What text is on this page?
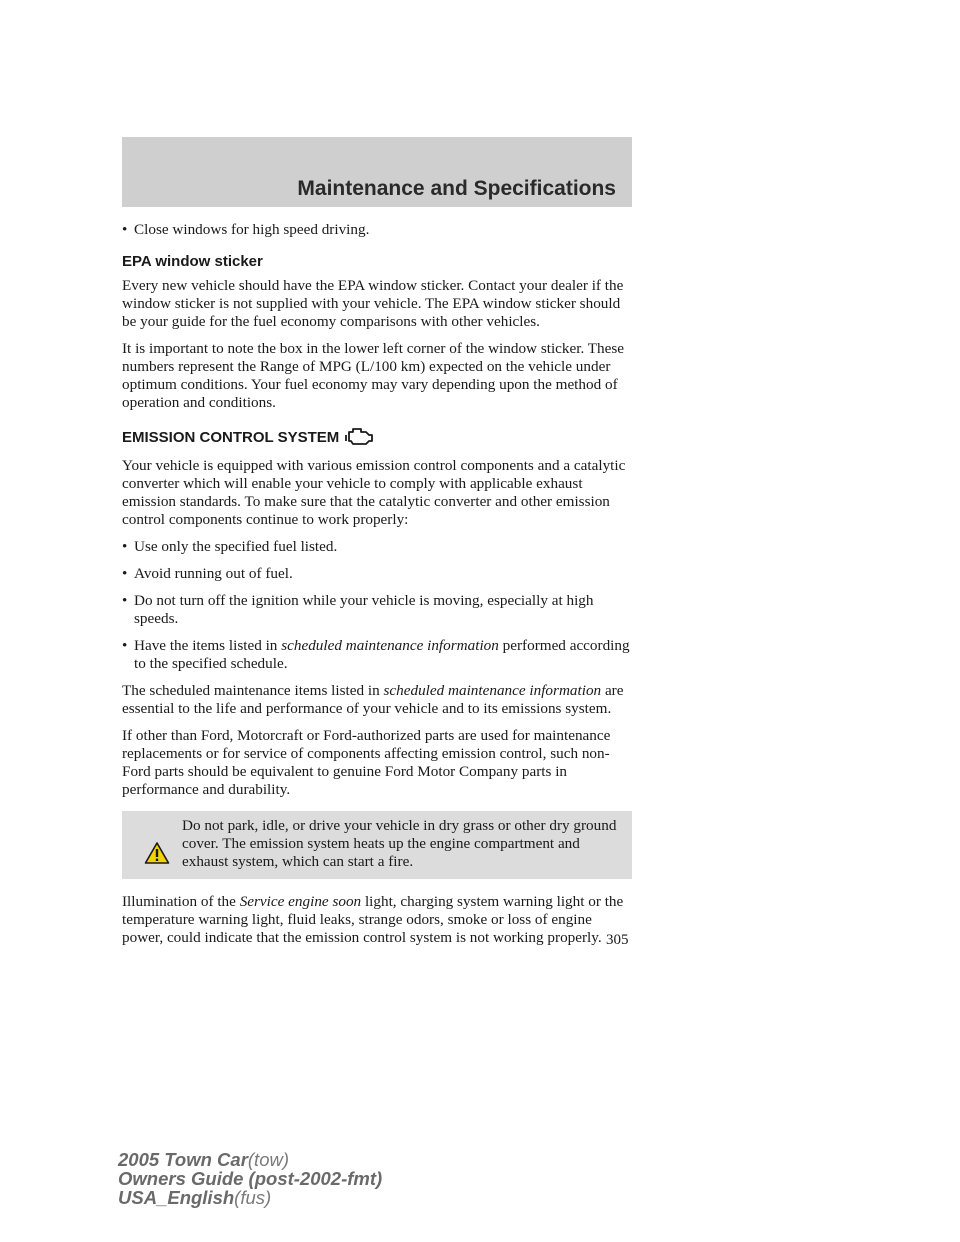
Maintenance and Specifications
• Close windows for high speed driving.
EPA window sticker

Every new vehicle should have the EPA window sticker. Contact your dealer if the window sticker is not supplied with your vehicle. The EPA window sticker should be your guide for the fuel economy comparisons with other vehicles.

It is important to note the box in the lower left corner of the window sticker. These numbers represent the Range of MPG (L/100 km) expected on the vehicle under optimum conditions. Your fuel economy may vary depending upon the method of operation and conditions.

EMISSION CONTROL SYSTEM

Your vehicle is equipped with various emission control components and a catalytic converter which will enable your vehicle to comply with applicable exhaust emission standards. To make sure that the catalytic converter and other emission control components continue to work properly:

• Use only the specified fuel listed.
• Avoid running out of fuel.
• Do not turn off the ignition while your vehicle is moving, especially at high speeds.
• Have the items listed in scheduled maintenance information performed according to the specified schedule.

The scheduled maintenance items listed in scheduled maintenance information are essential to the life and performance of your vehicle and to its emissions system.

If other than Ford, Motorcraft or Ford-authorized parts are used for maintenance replacements or for service of components affecting emission control, such non-Ford parts should be equivalent to genuine Ford Motor Company parts in performance and durability.

Do not park, idle, or drive your vehicle in dry grass or other dry ground cover. The emission system heats up the engine compartment and exhaust system, which can start a fire.

Illumination of the Service engine soon light, charging system warning light or the temperature warning light, fluid leaks, strange odors, smoke or loss of engine power, could indicate that the emission control system is not working properly. 305
2005 Town Car(tow)
Owners Guide (post-2002-fmt)
USA_English(fus)
